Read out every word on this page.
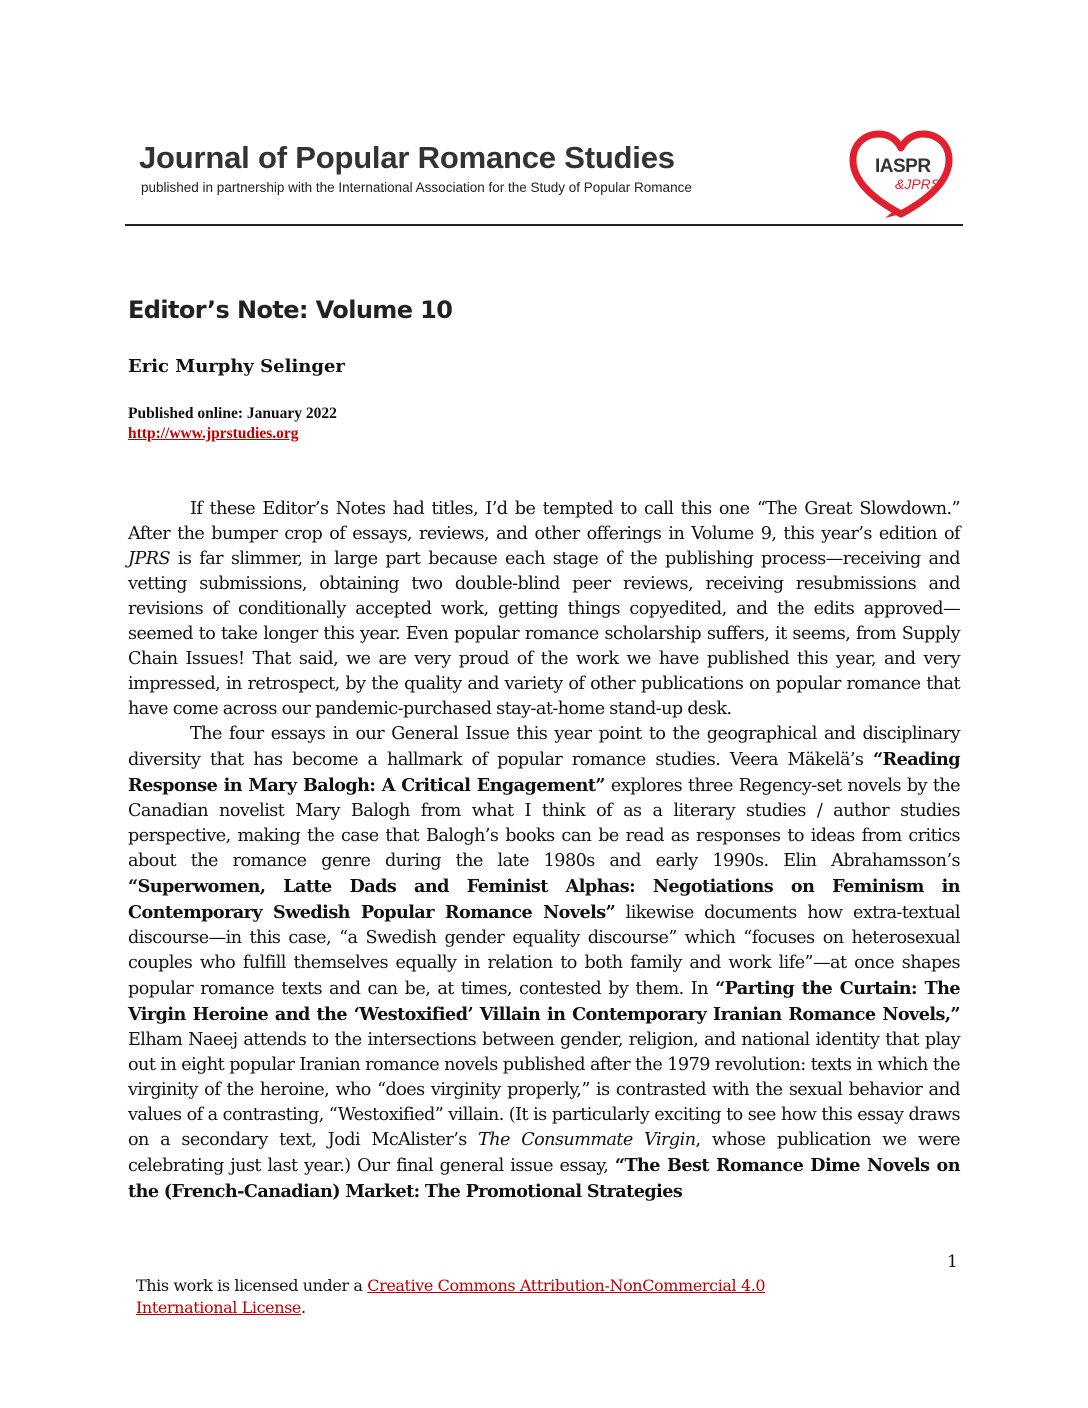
Journal of Popular Romance Studies
published in partnership with the International Association for the Study of Popular Romance
IASPR
&JPRS
Editor’s Note: Volume 10
Eric Murphy Selinger
Published online: January 2022
http://www.jprstudies.org

If these Editor’s Notes had titles, I’d be tempted to call this one “The Great Slowdown.” After the bumper crop of essays, reviews, and other offerings in Volume 9, this year’s edition of JPRS is far slimmer, in large part because each stage of the publishing process—receiving and vetting submissions, obtaining two double-blind peer reviews, receiving resubmissions and revisions of conditionally accepted work, getting things copyedited, and the edits approved—seemed to take longer this year. Even popular romance scholarship suffers, it seems, from Supply Chain Issues! That said, we are very proud of the work we have published this year, and very impressed, in retrospect, by the quality and variety of other publications on popular romance that have come across our pandemic-purchased stay-at-home stand-up desk.

The four essays in our General Issue this year point to the geographical and disciplinary diversity that has become a hallmark of popular romance studies. Veera Mäkelä’s “Reading Response in Mary Balogh: A Critical Engagement” explores three Regency-set novels by the Canadian novelist Mary Balogh from what I think of as a literary studies / author studies perspective, making the case that Balogh’s books can be read as responses to ideas from critics about the romance genre during the late 1980s and early 1990s. Elin Abrahamsson’s “Superwomen, Latte Dads and Feminist Alphas: Negotiations on Feminism in Contemporary Swedish Popular Romance Novels” likewise documents how extra-textual discourse—in this case, “a Swedish gender equality discourse” which “focuses on heterosexual couples who fulfill themselves equally in relation to both family and work life”—at once shapes popular romance texts and can be, at times, contested by them. In “Parting the Curtain: The Virgin Heroine and the ‘Westoxified’ Villain in Contemporary Iranian Romance Novels,” Elham Naeej attends to the intersections between gender, religion, and national identity that play out in eight popular Iranian romance novels published after the 1979 revolution: texts in which the virginity of the heroine, who “does virginity properly,” is contrasted with the sexual behavior and values of a contrasting, “Westoxified” villain. (It is particularly exciting to see how this essay draws on a secondary text, Jodi McAlister’s The Consummate Virgin, whose publication we were celebrating just last year.) Our final general issue essay, “The Best Romance Dime Novels on the (French-Canadian) Market: The Promotional Strategies

1
This work is licensed under a Creative Commons Attribution-NonCommercial 4.0 International License.
